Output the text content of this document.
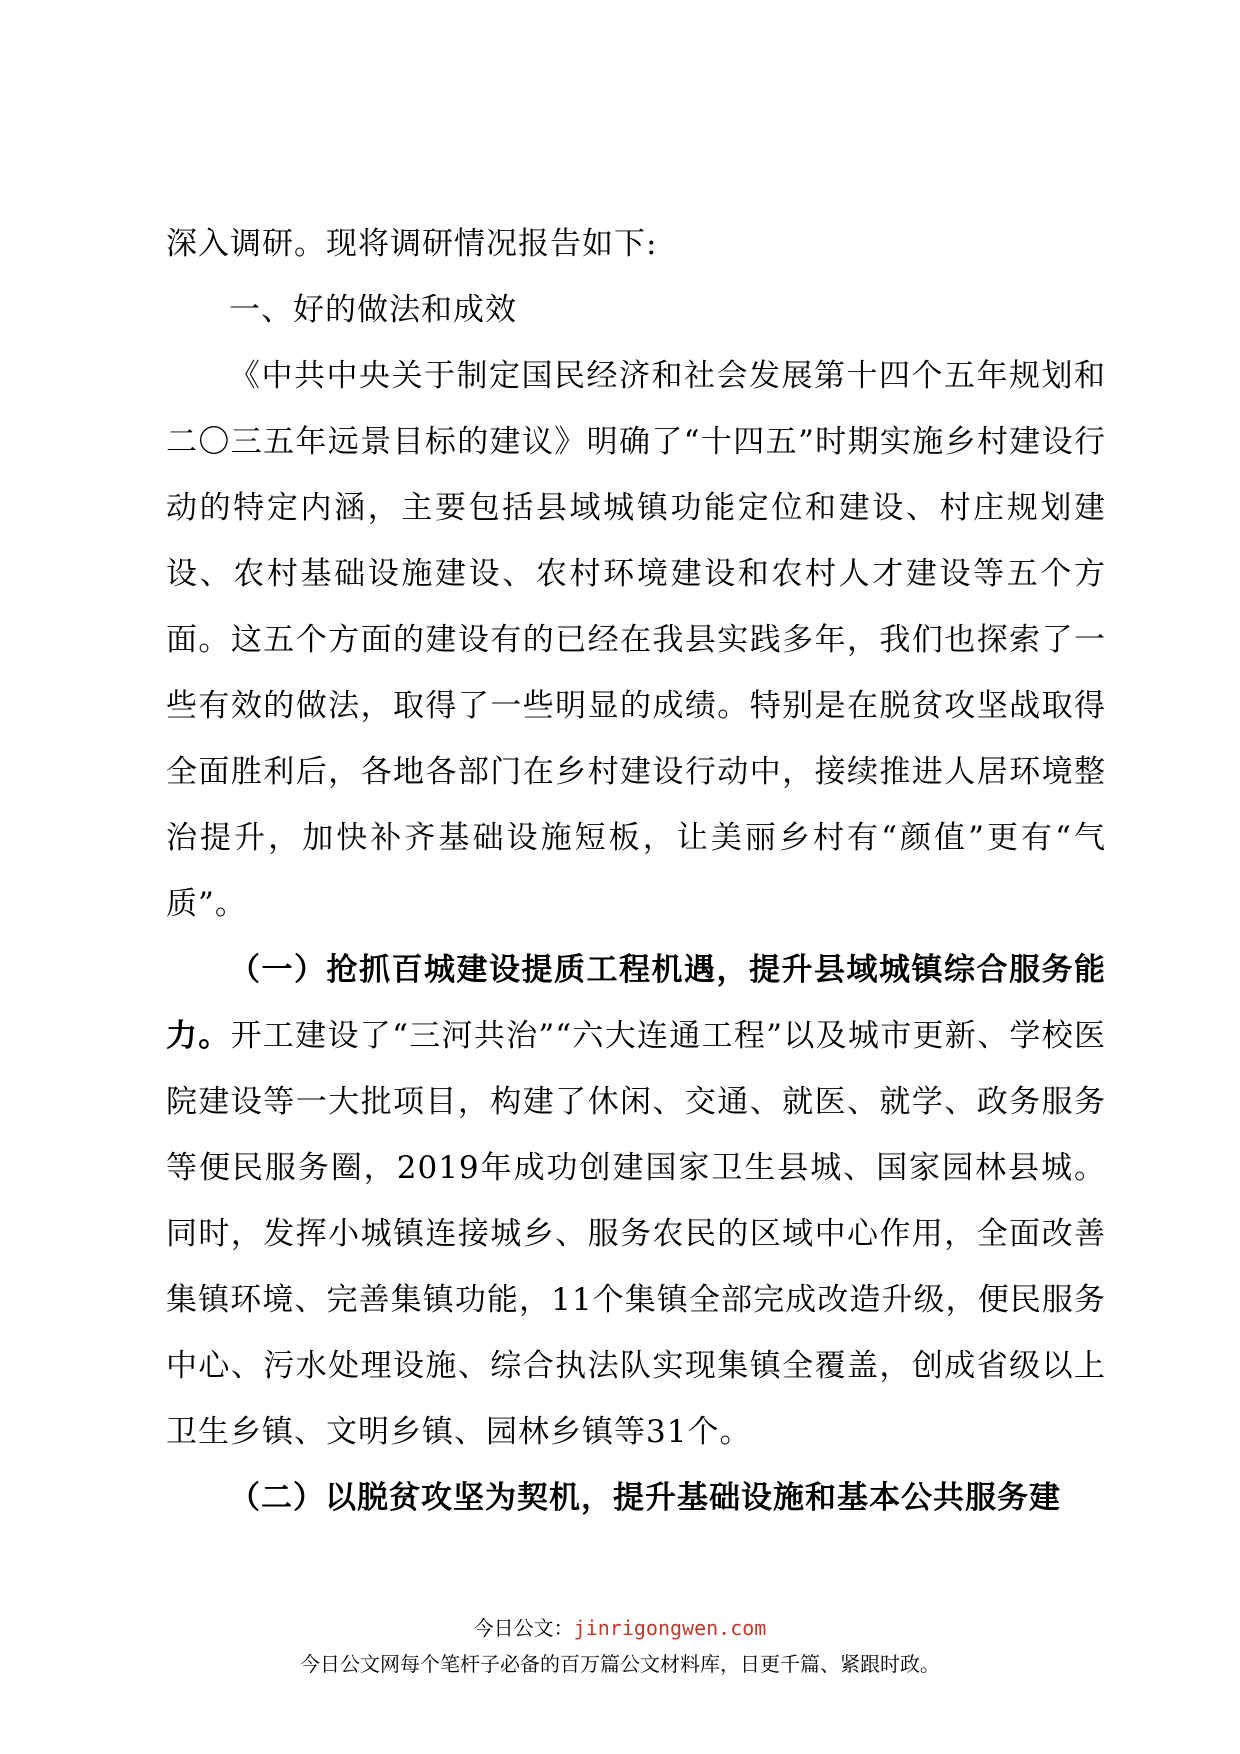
深入调研。现将调研情况报告如下:

一、好的做法和成效

《中共中央关于制定国民经济和社会发展第十四个五年规划和二〇三五年远景目标的建议》明确了“十四五”时期实施乡村建设行动的特定内涵，主要包括县域城镇功能定位和建设、村庄规划建设、农村基础设施建设、农村环境建设和农村人才建设等五个方面。这五个方面的建设有的已经在我县实践多年，我们也探索了一些有效的做法，取得了一些明显的成绩。特别是在脱贫攻坚战取得全面胜利后，各地各部门在乡村建设行动中，接续推进人居环境整治提升，加快补齐基础设施短板，让美丽乡村有“颜值”更有“气质”。

（一）抢抓百城建设提质工程机遇，提升县域城镇综合服务能力。开工建设了“三河共治”“六大连通工程”以及城市更新、学校医院建设等一大批项目，构建了休闲、交通、就医、就学、政务服务等便民服务圈，2019年成功创建国家卫生县城、国家园林县城。同时，发挥小城镇连接城乡、服务农民的区域中心作用，全面改善集镇环境、完善集镇功能，11个集镇全部完成改造升级，便民服务中心、污水处理设施、综合执法队实现集镇全覆盖，创成省级以上卫生乡镇、文明乡镇、园林乡镇等31个。

（二）以脱贫攻坚为契机，提升基础设施和基本公共服务建

今日公文：jinrigongwen.com
今日公文网每个笔杆子必备的百万篇公文材料库，日更千篇、紧跟时政。
